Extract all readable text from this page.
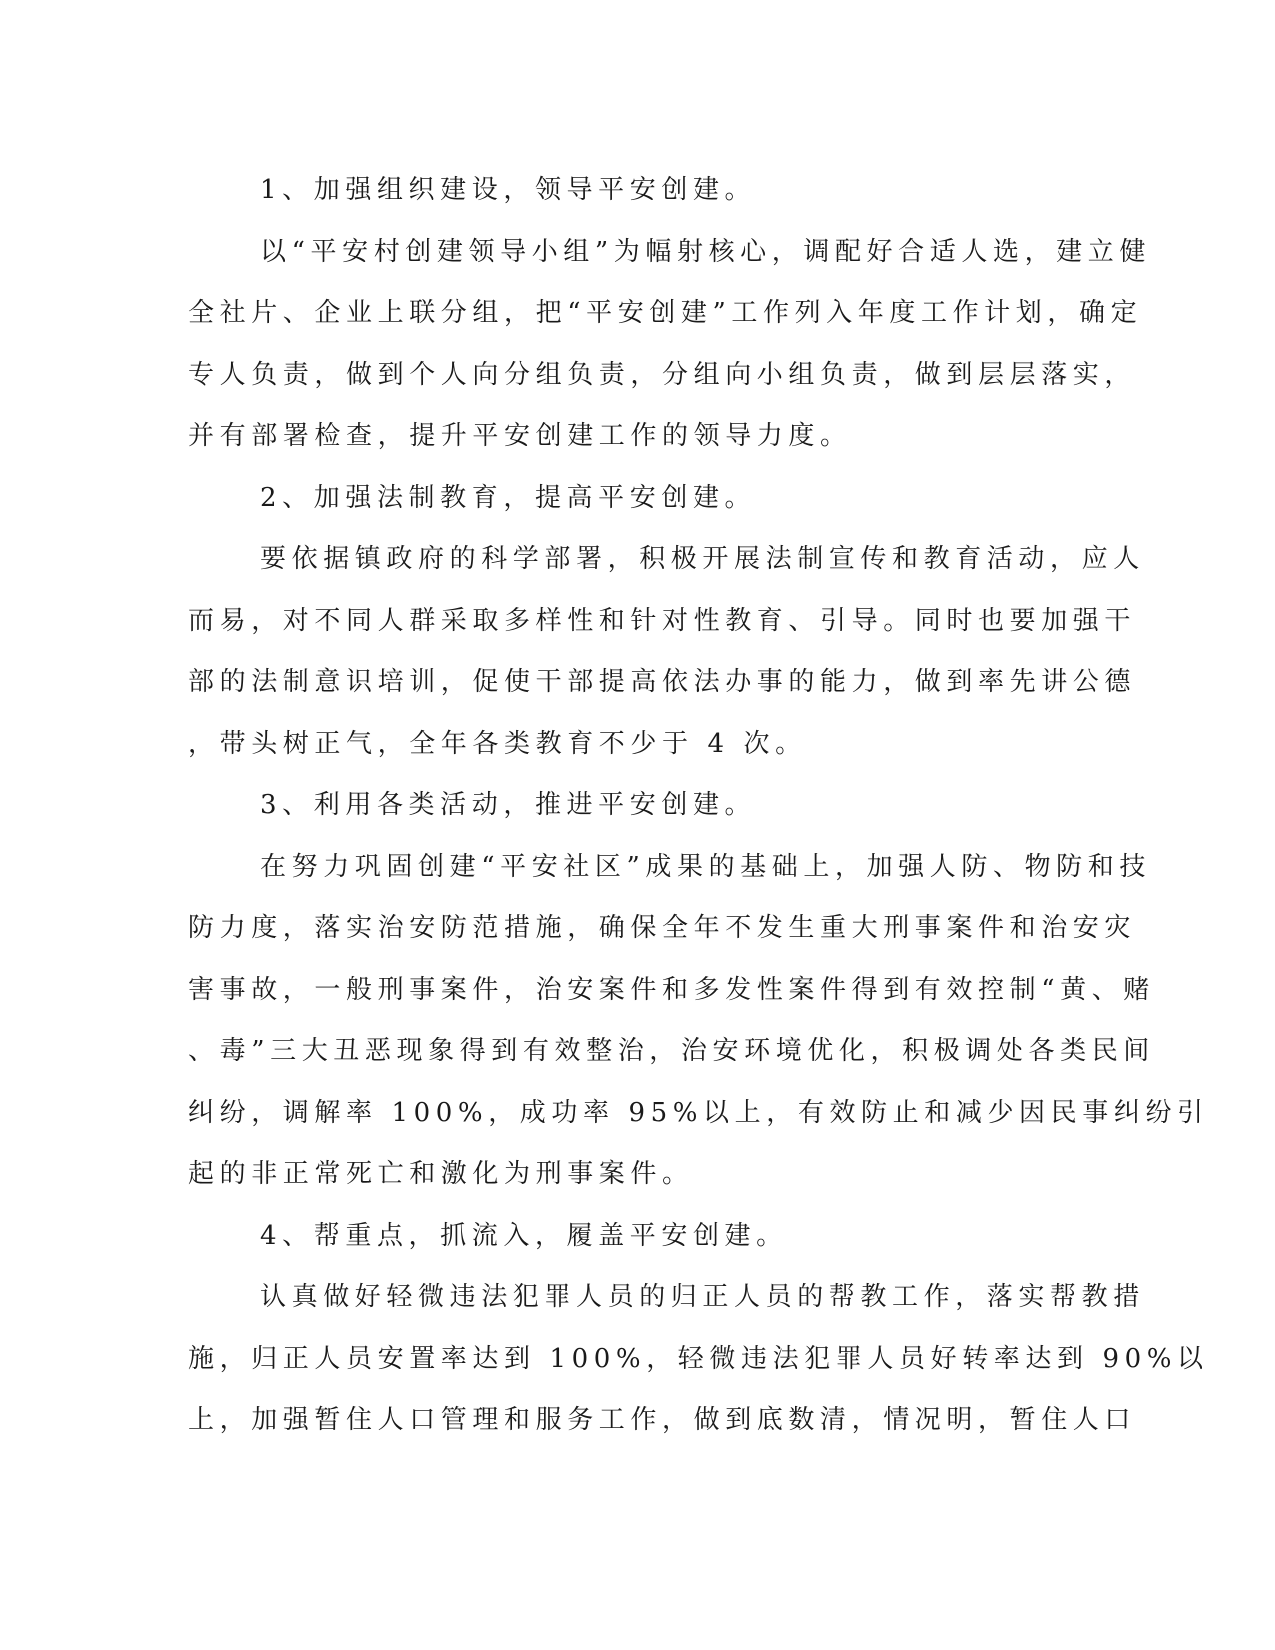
1、加强组织建设，领导平安创建。
以“平安村创建领导小组”为幅射核心，调配好合适人选，建立健
全社片、企业上联分组，把“平安创建”工作列入年度工作计划，确定
专人负责，做到个人向分组负责，分组向小组负责，做到层层落实，
并有部署检查，提升平安创建工作的领导力度。
2、加强法制教育，提高平安创建。
要依据镇政府的科学部署，积极开展法制宣传和教育活动，应人
而易，对不同人群采取多样性和针对性教育、引导。同时也要加强干
部的法制意识培训，促使干部提高依法办事的能力，做到率先讲公德
，带头树正气，全年各类教育不少于 4 次。
3、利用各类活动，推进平安创建。
在努力巩固创建“平安社区”成果的基础上，加强人防、物防和技
防力度，落实治安防范措施，确保全年不发生重大刑事案件和治安灾
害事故，一般刑事案件，治安案件和多发性案件得到有效控制“黄、赌
、毒”三大丑恶现象得到有效整治，治安环境优化，积极调处各类民间
纠纷，调解率 100%，成功率 95%以上，有效防止和减少因民事纠纷引
起的非正常死亡和激化为刑事案件。
4、帮重点，抓流入，履盖平安创建。
认真做好轻微违法犯罪人员的归正人员的帮教工作，落实帮教措
施，归正人员安置率达到 100%，轻微违法犯罪人员好转率达到 90%以
上，加强暂住人口管理和服务工作，做到底数清，情况明，暂住人口
